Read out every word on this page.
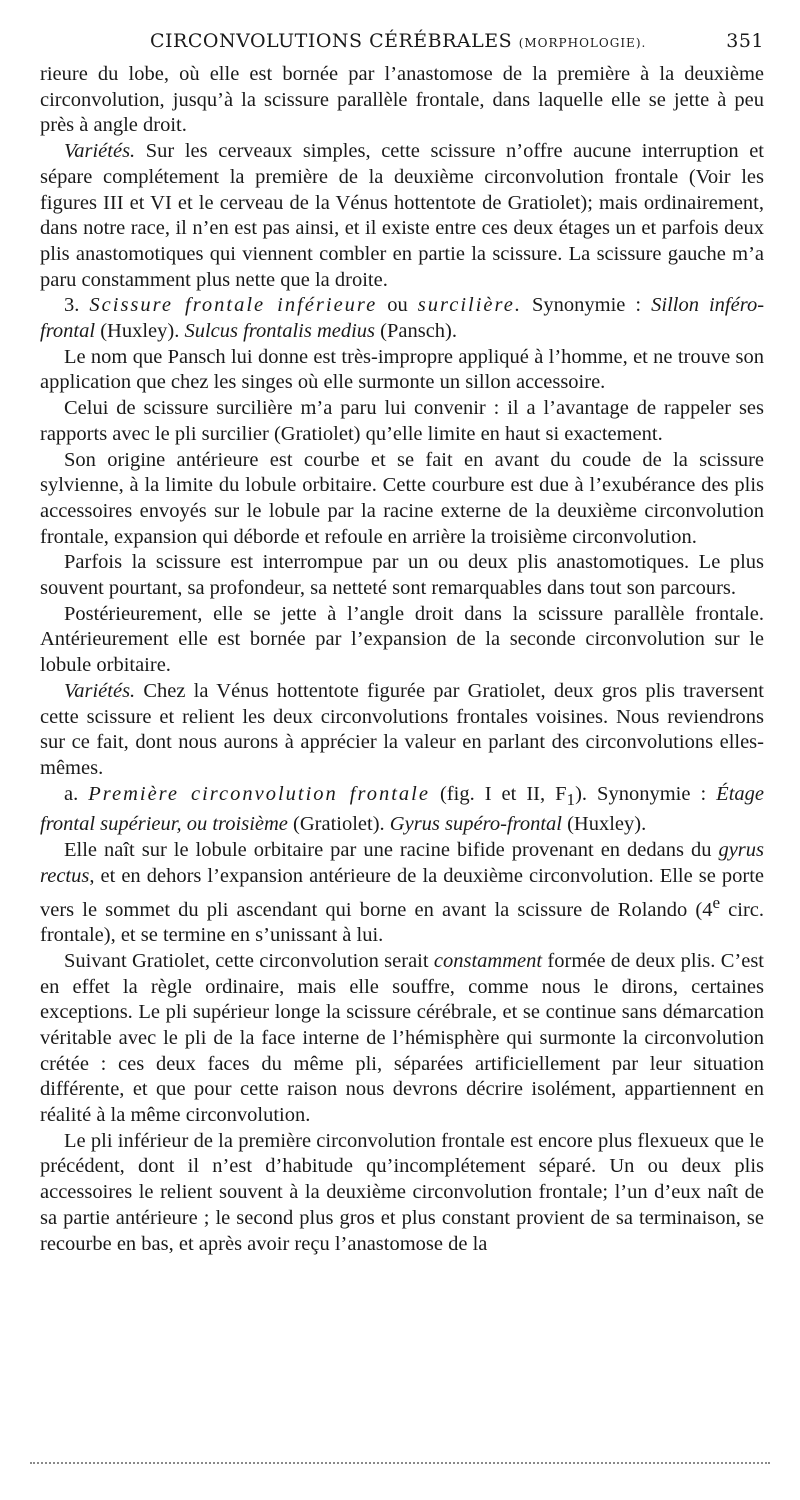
CIRCONVOLUTIONS CÉRÉBRALES (MORPHOLOGIE).	351

rieure du lobe, où elle est bornée par l’anastomose de la première à la deuxième circonvolution, jusqu’à la scissure parallèle frontale, dans laquelle elle se jette à peu près à angle droit.

Variétés. Sur les cerveaux simples, cette scissure n’offre aucune interruption et sépare complétement la première de la deuxième circonvolution frontale (Voir les figures III et VI et le cerveau de la Vénus hottentote de Gratiolet); mais ordinairement, dans notre race, il n’en est pas ainsi, et il existe entre ces deux étages un et parfois deux plis anastomotiques qui viennent combler en partie la scissure. La scissure gauche m’a paru constamment plus nette que la droite.

3. Scissure frontale inférieure ou surcilière. Synonymie : Sillon inféro-frontal (Huxley). Sulcus frontalis medius (Pansch).

Le nom que Pansch lui donne est très-impropre appliqué à l’homme, et ne trouve son application que chez les singes où elle surmonte un sillon accessoire.

Celui de scissure surcilière m’a paru lui convenir : il a l’avantage de rappeler ses rapports avec le pli surcilier (Gratiolet) qu’elle limite en haut si exactement.

Son origine antérieure est courbe et se fait en avant du coude de la scissure sylvienne, à la limite du lobule orbitaire. Cette courbure est due à l’exubérance des plis accessoires envoyés sur le lobule par la racine externe de la deuxième circonvolution frontale, expansion qui déborde et refoule en arrière la troisième circonvolution.

Parfois la scissure est interrompue par un ou deux plis anastomotiques. Le plus souvent pourtant, sa profondeur, sa netteté sont remarquables dans tout son parcours.

Postérieurement, elle se jette à l’angle droit dans la scissure parallèle frontale. Antérieurement elle est bornée par l’expansion de la seconde circonvolution sur le lobule orbitaire.

Variétés. Chez la Vénus hottentote figurée par Gratiolet, deux gros plis traversent cette scissure et relient les deux circonvolutions frontales voisines. Nous reviendrons sur ce fait, dont nous aurons à apprécier la valeur en parlant des circonvolutions elles-mêmes.

a. Première circonvolution frontale (fig. I et II, $F_1$). Synonymie : Étage frontal supérieur, ou troisième (Gratiolet). Gyrus supéro-frontal (Huxley).

Elle naît sur le lobule orbitaire par une racine bifide provenant en dedans du gyrus rectus, et en dehors l’expansion antérieure de la deuxième circonvolution. Elle se porte vers le sommet du pli ascendant qui borne en avant la scissure de Rolando (4e circ. frontale), et se termine en s’unissant à lui.

Suivant Gratiolet, cette circonvolution serait constamment formée de deux plis. C’est en effet la règle ordinaire, mais elle souffre, comme nous le dirons, certaines exceptions. Le pli supérieur longe la scissure cérébrale, et se continue sans démarcation véritable avec le pli de la face interne de l’hémisphère qui surmonte la circonvolution crétée : ces deux faces du même pli, séparées artificiellement par leur situation différente, et que pour cette raison nous devrons décrire isolément, appartiennent en réalité à la même circonvolution.

Le pli inférieur de la première circonvolution frontale est encore plus flexueux que le précédent, dont il n’est d’habitude qu’incomplétement séparé. Un ou deux plis accessoires le relient souvent à la deuxième circonvolution frontale; l’un d’eux naît de sa partie antérieure ; le second plus gros et plus constant provient de sa terminaison, se recourbe en bas, et après avoir reçu l’anastomose de la
